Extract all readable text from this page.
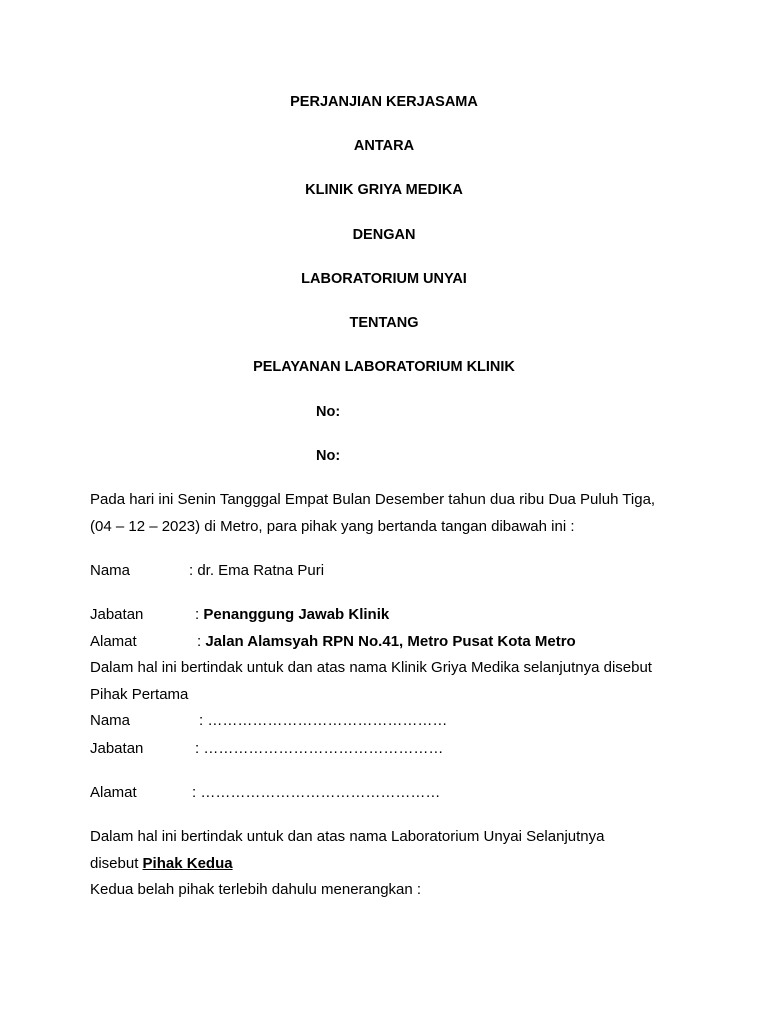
PERJANJIAN KERJASAMA
ANTARA
KLINIK GRIYA MEDIKA
DENGAN
LABORATORIUM UNYAI
TENTANG
PELAYANAN LABORATORIUM KLINIK
No:
No:
Pada hari ini Senin Tangggal Empat Bulan Desember tahun dua ribu Dua Puluh Tiga,
(04 – 12 – 2023) di Metro, para pihak yang bertanda tangan dibawah ini :
Nama	: dr. Ema Ratna Puri
Jabatan	: Penanggung Jawab Klinik
Alamat	: Jalan Alamsyah RPN No.41, Metro Pusat Kota Metro
Dalam hal ini bertindak untuk dan atas nama Klinik Griya Medika selanjutnya disebut
Pihak Pertama
Nama	: …………………………………………
Jabatan	: …………………………………………
Alamat	: …………………………………………
Dalam hal ini bertindak untuk dan atas nama Laboratorium Unyai Selanjutnya
disebut Pihak Kedua
Kedua belah pihak terlebih dahulu menerangkan :
